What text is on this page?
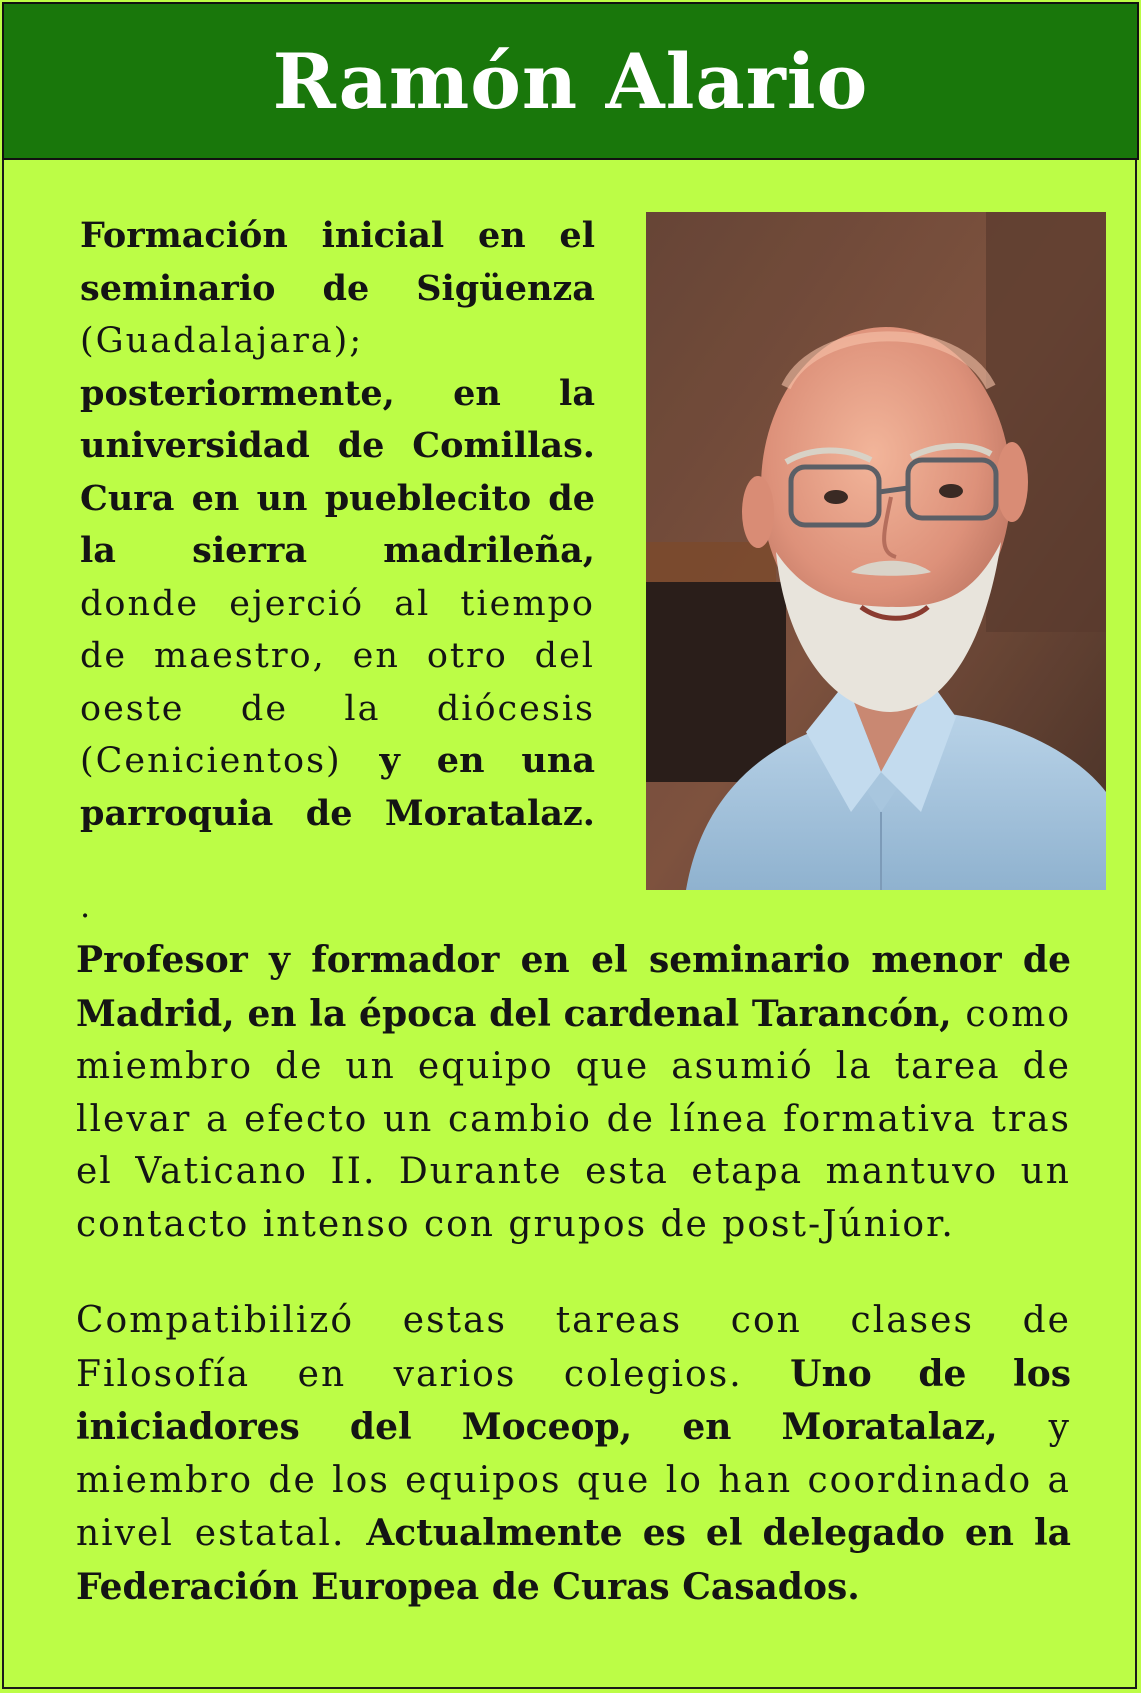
Ramón Alario

Formación inicial en el seminario de Sigüenza (Guadalajara); posteriormente, en la universidad de Comillas. Cura en un pueblecito de la sierra madrileña, donde ejerció al tiempo de maestro, en otro del oeste de la diócesis (Cenicientos) y en una parroquia de Moratalaz.

.

Profesor y formador en el seminario menor de Madrid, en la época del cardenal Tarancón, como miembro de un equipo que asumió la tarea de llevar a efecto un cambio de línea formativa tras el Vaticano II. Durante esta etapa mantuvo un contacto intenso con grupos de post-Júnior.

Compatibilizó estas tareas con clases de Filosofía en varios colegios. Uno de los iniciadores del Moceop, en Moratalaz, y miembro de los equipos que lo han coordinado a nivel estatal. Actualmente es el delegado en la Federación Europea de Curas Casados.
